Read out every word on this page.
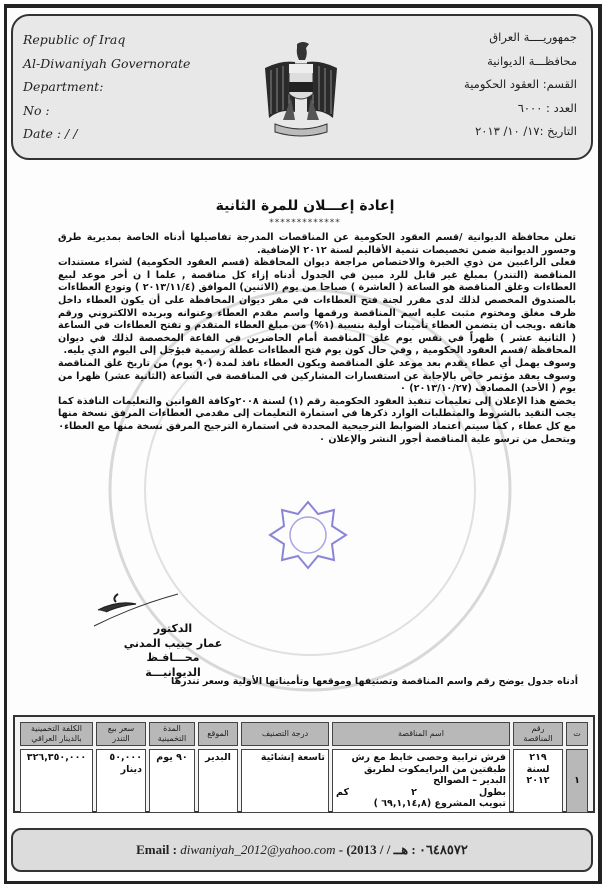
Republic of Iraq
Al-Diwaniyah Governorate
Department:
No :
Date : / /
جمهوريــــة العراق
محافظـــة الديوانية
القسم: العقود الحكومية
العدد : ٦٠٠٠
التاريخ :١٧/ ١٠/ ٢٠١٣
إعادة إعـــلان للمرة الثانية
*************

تعلن محافظة الديوانية /قسم العقود الحكومية عن المناقصات المدرجة تفاصيلها أدناه الخاصة بمديرية طرق وجسور الديوانية ضمن تخصيصات تنمية الأقاليم لسنة ٢٠١٢ الإضافية.

فعلى الراغبين من ذوي الخبرة والاختصاص مراجعة ديوان المحافظة (قسم العقود الحكومية) لشراء مستندات المناقصة (التندر) بمبلغ غير قابل للرد مبين في الجدول أدناه إزاء كل مناقصة , علما ا ن أخر موعد لبيع العطاءات وغلق المناقصة هو الساعة ( العاشرة ) صباحا من يوم (الاثنين) الموافق (٢٠١٣/١١/٤ ) وتودع العطاءات بالصندوق المخصص لذلك لدى مقرر لجنة فتح العطاءات في مقر ديوان المحافظة على أن يكون العطاء داخل ظرف مغلق ومختوم مثبت عليه اسم المناقصة ورقمها واسم مقدم العطاء وعنوانه وبريده الالكتروني ورقم هاتفه .ويجب ان يتضمن العطاء تأمينات أولية بنسبة (١%) من مبلغ العطاء المتقدم و تفتح العطاءات في الساعة ( الثانية عشر ) ظهراً في نفس يوم غلق المناقصة أمام الحاضرين في القاعة المخصصة لذلك في ديوان المحافظة /قسم العقود الحكومية , وفي حال كون يوم فتح العطاءات عطلة رسمية فيؤجل إلى اليوم الذي يليه.

وسوف يهمل أي عطاء يقدم بعد موعد غلق المناقصة ويكون العطاء نافذ لمدة (٩٠ يوم) من تاريخ غلق المناقصة وسوف يعقد مؤتمر خاص بالإجابة عن استفسارات المشاركين في المناقصة في الساعة (الثانية عشر) ظهرا من يوم ( الأحد) المصادف (٢٠١٣/١٠/٢٧) ۰

يخضع هذا الإعلان إلى تعليمات تنفيذ العقود الحكومية رقم (١) لسنة ٢٠٠٨وكافة القوانين والتعليمات النافذة كما يجب التقيد بالشروط والمتطلبات الوارد ذكرها في استمارة التعليمات إلى مقدمي العطاءات المرفق نسخة منها مع كل عطاء , كما سيتم اعتماد الضوابط الترجيحية المحددة في استمارة الترجيح المرفق نسخة منها مع العطاء۰

ويتحمل من ترسو علية المناقصة أجور النشر والإعلان ۰

الدكتور
عمار حبيب المدني
محـــافـظ الديوانيـــة
أدناه جدول يوضح رقم واسم المناقصة وتصنيفها وموقعها وتأميناتها الأولية وسعر تندرها
ت	رقم المناقصة	اسم المناقصة	درجة التصنيف	الموقع	المدة التخمينية	سعر بيع التندر	الكلفة التخمينية بالدينار العراقي
١	٢١٩ لسنة ٢٠١٢	فرش ترابية وحصى خابط مع رش طبقتين من البرايمكوت لطريق البدير – الصوالح
بطول
٢
كم
تبويب المشروع (٦٩,١,١٤,٨ )	تاسعة إنشائية	البدير	٩٠ يوم	٥٠,٠٠٠ دينار	٣٢٦,٣٥٠,٠٠٠
Email : diwaniyah_2012@yahoo.com - (2013 / / ٠٦٤٨٥٧٢ : هــ
